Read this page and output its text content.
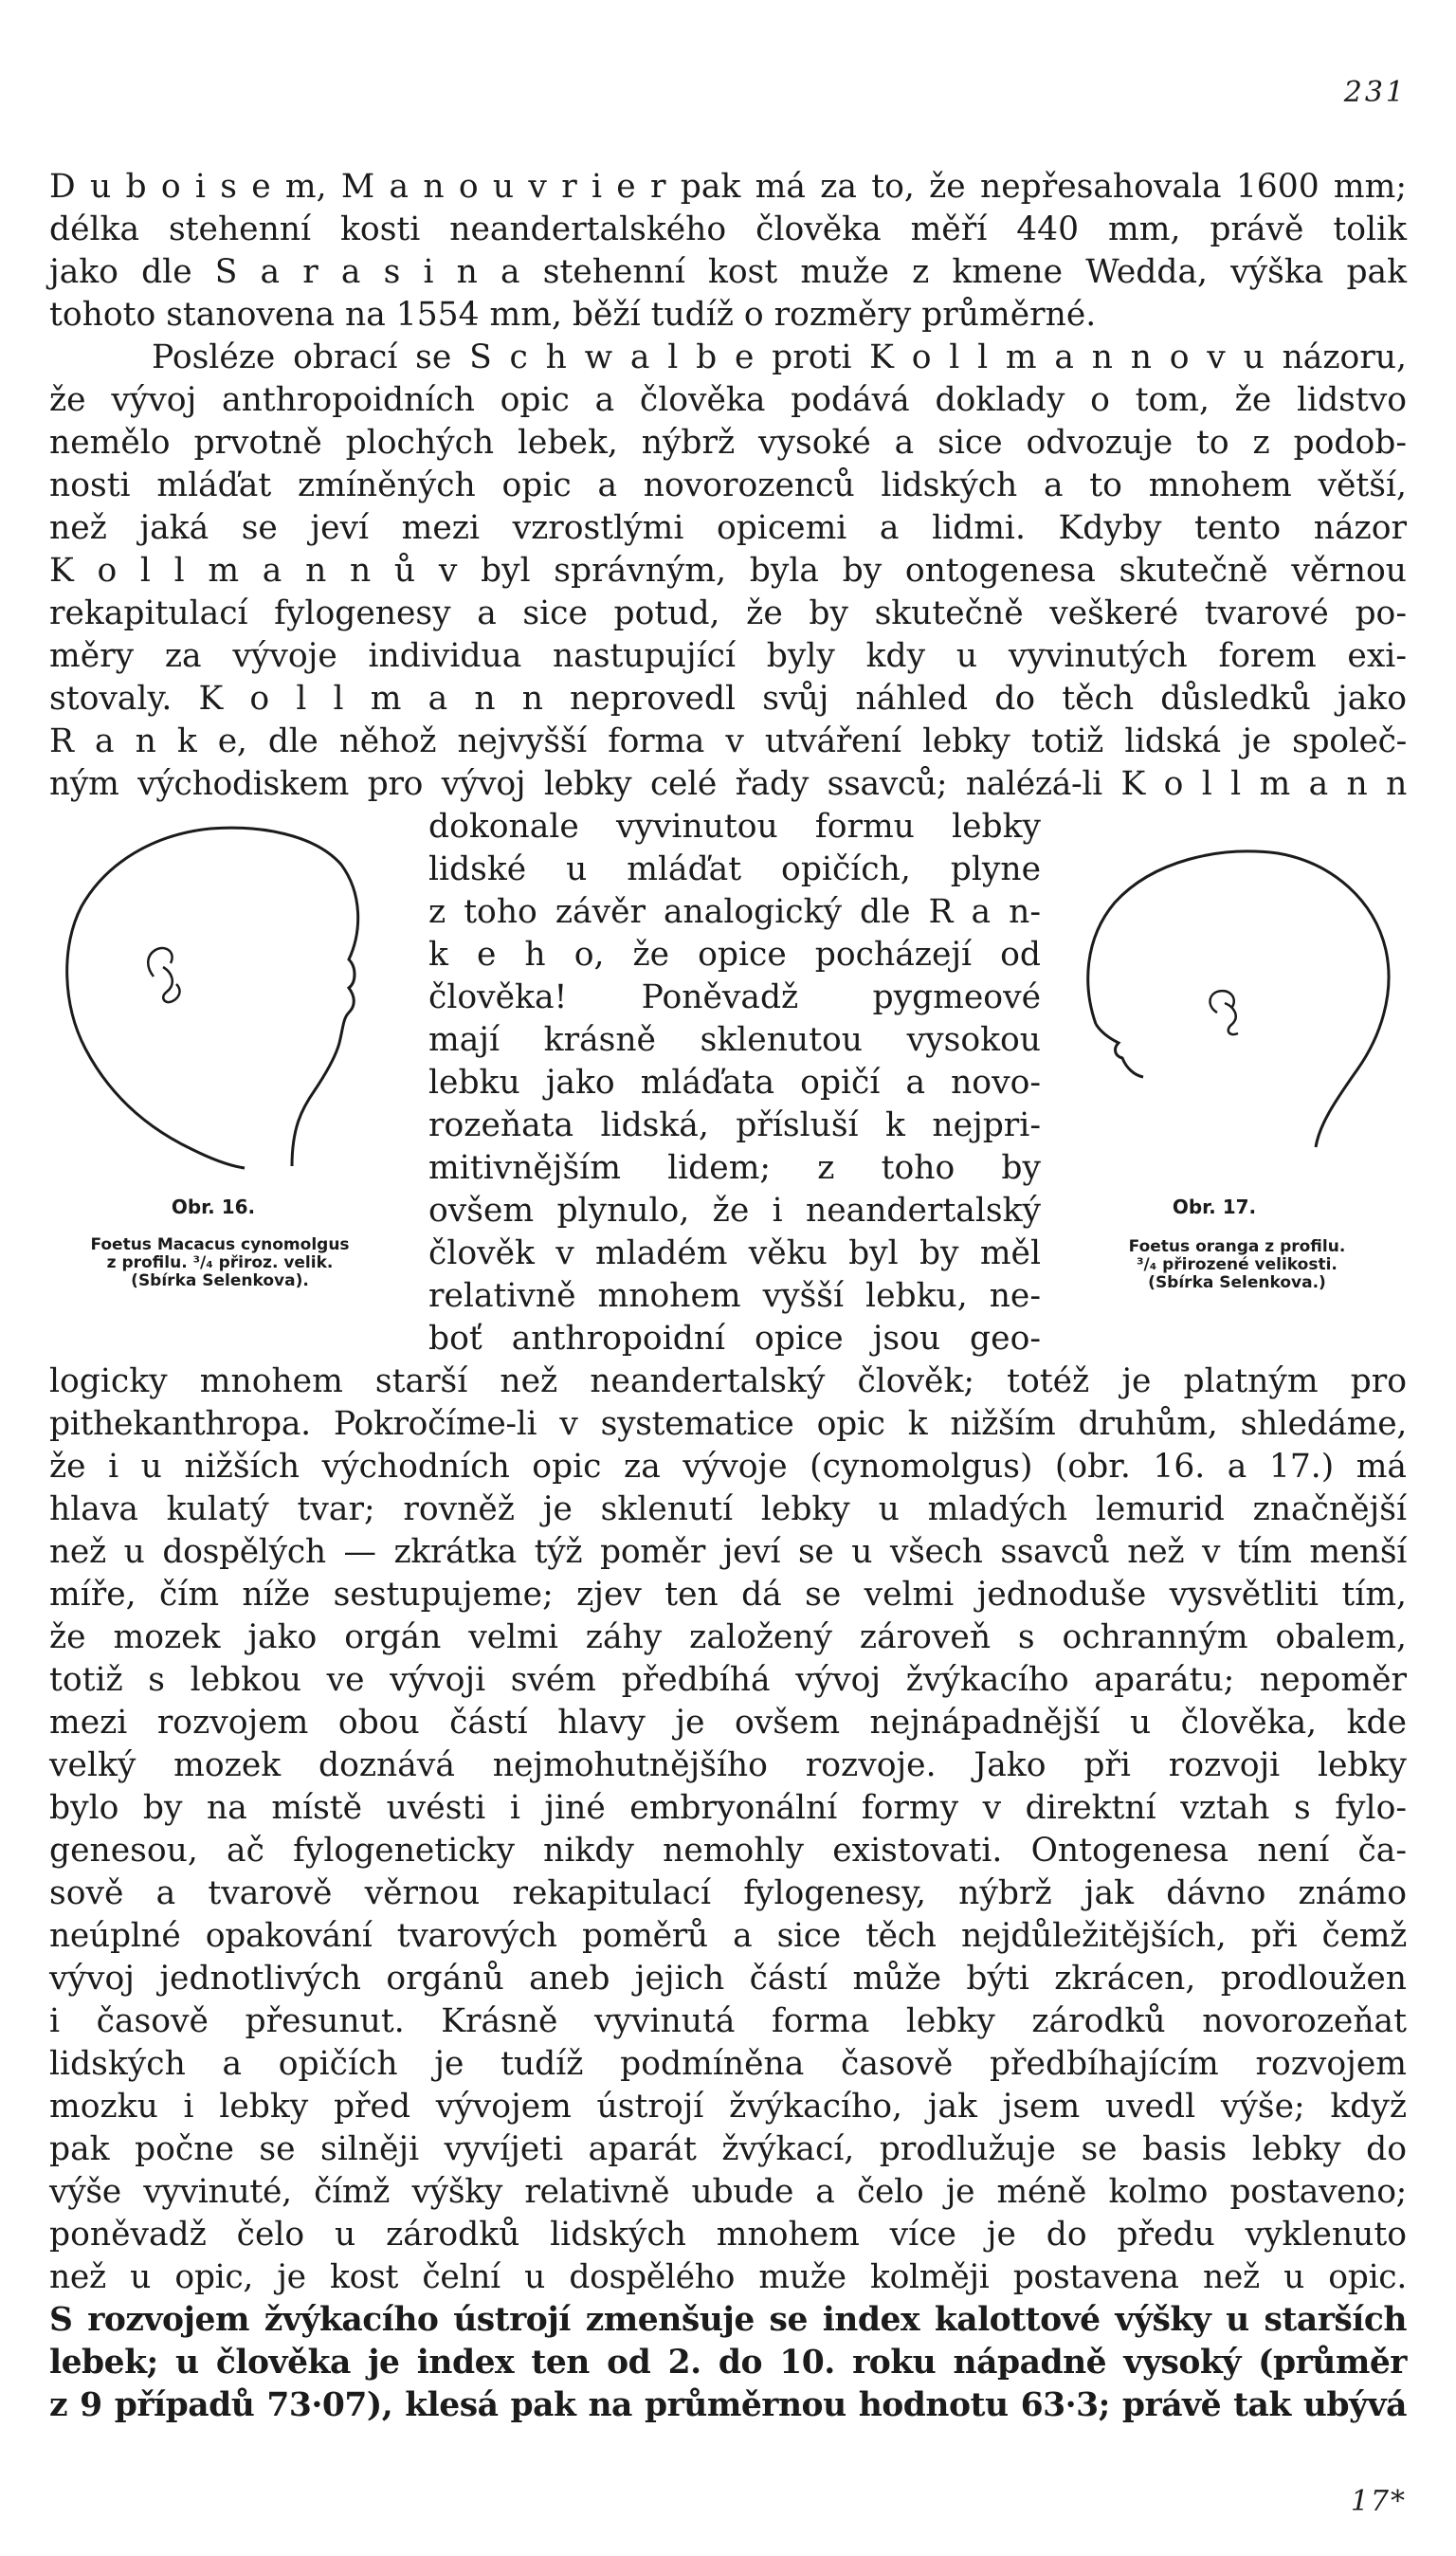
231
D u b o i s e m, M a n o u v r i e r pak má za to, že nepřesahovala 1600 mm;
délka stehenní kosti neandertalského člověka měří 440 mm, právě tolik
jako dle S a r a s i n a stehenní kost muže z kmene Wedda, výška pak
tohoto stanovena na 1554 mm, běží tudíž o rozměry průměrné.
Posléze obrací se S c h w a l b e proti K o l l m a n n o v u názoru,
že vývoj anthropoidních opic a člověka podává doklady o tom, že lidstvo
nemělo prvotně plochých lebek, nýbrž vysoké a sice odvozuje to z podob-
nosti mláďat zmíněných opic a novorozenců lidských a to mnohem větší,
než jaká se jeví mezi vzrostlými opicemi a lidmi. Kdyby tento názor
K o l l m a n n ů v byl správným, byla by ontogenesa skutečně věrnou
rekapitulací fylogenesy a sice potud, že by skutečně veškeré tvarové po-
měry za vývoje individua nastupující byly kdy u vyvinutých forem exi-
stovaly. K o l l m a n n neprovedl svůj náhled do těch důsledků jako
R a n k e, dle něhož nejvyšší forma v utváření lebky totiž lidská je společ-
ným východiskem pro vývoj lebky celé řady ssavců; nalézá-li K o l l m a n n
Obr. 16.
Foetus Macacus cynomolgus
z profilu. ³/₄ přiroz. velik.
(Sbírka Selenkova).
Obr. 17.
Foetus oranga z profilu.
³/₄ přirozené velikosti.
(Sbírka Selenkova.)
dokonale vyvinutou formu lebky
lidské u mláďat opičích, plyne
z toho závěr analogický dle R a n-
k e h o, že opice pocházejí od
člověka! Poněvadž pygmeové
mají krásně sklenutou vysokou
lebku jako mláďata opičí a novo-
rozeňata lidská, přísluší k nejpri-
mitivnějším lidem; z toho by
ovšem plynulo, že i neandertalský
člověk v mladém věku byl by měl
relativně mnohem vyšší lebku, ne-
boť anthropoidní opice jsou geo-
logicky mnohem starší než neandertalský člověk; totéž je platným pro
pithekanthropa. Pokročíme-li v systematice opic k nižším druhům, shledáme,
že i u nižších východních opic za vývoje (cynomolgus) (obr. 16. a 17.) má
hlava kulatý tvar; rovněž je sklenutí lebky u mladých lemurid značnější
než u dospělých — zkrátka týž poměr jeví se u všech ssavců než v tím menší
míře, čím níže sestupujeme; zjev ten dá se velmi jednoduše vysvětliti tím,
že mozek jako orgán velmi záhy založený zároveň s ochranným obalem,
totiž s lebkou ve vývoji svém předbíhá vývoj žvýkacího aparátu; nepoměr
mezi rozvojem obou částí hlavy je ovšem nejnápadnější u člověka, kde
velký mozek doznává nejmohutnějšího rozvoje. Jako při rozvoji lebky
bylo by na místě uvésti i jiné embryonální formy v direktní vztah s fylo-
genesou, ač fylogeneticky nikdy nemohly existovati. Ontogenesa není ča-
sově a tvarově věrnou rekapitulací fylogenesy, nýbrž jak dávno známo
neúplné opakování tvarových poměrů a sice těch nejdůležitějších, při čemž
vývoj jednotlivých orgánů aneb jejich částí může býti zkrácen, prodloužen
i časově přesunut. Krásně vyvinutá forma lebky zárodků novorozeňat
lidských a opičích je tudíž podmíněna časově předbíhajícím rozvojem
mozku i lebky před vývojem ústrojí žvýkacího, jak jsem uvedl výše; když
pak počne se silněji vyvíjeti aparát žvýkací, prodlužuje se basis lebky do
výše vyvinuté, čímž výšky relativně ubude a čelo je méně kolmo postaveno;
poněvadž čelo u zárodků lidských mnohem více je do předu vyklenuto
než u opic, je kost čelní u dospělého muže kolměji postavena než u opic.
S rozvojem žvýkacího ústrojí zmenšuje se index kalottové výšky u starších
lebek; u člověka je index ten od 2. do 10. roku nápadně vysoký (průměr
z 9 případů 73·07), klesá pak na průměrnou hodnotu 63·3; právě tak ubývá
17*
